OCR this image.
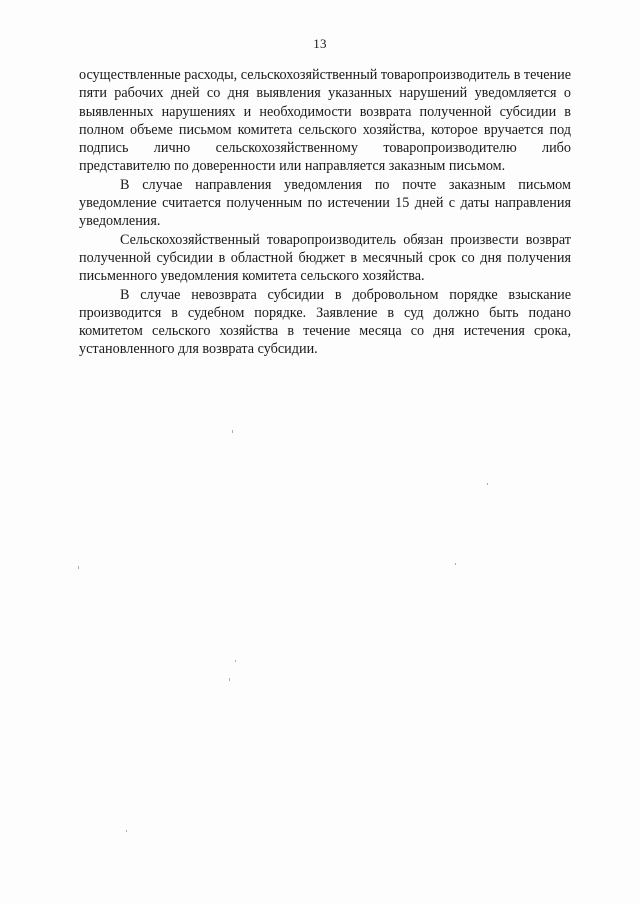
13

осуществленные расходы, сельскохозяйственный товаропроизводитель в течение пяти рабочих дней со дня выявления указанных нарушений уведомляется о выявленных нарушениях и необходимости возврата полученной субсидии в полном объеме письмом комитета сельского хозяйства, которое вручается под подпись лично сельскохозяйственному товаропроизводителю либо представителю по доверенности или направляется заказным письмом.

В случае направления уведомления по почте заказным письмом уведомление считается полученным по истечении 15 дней с даты направления уведомления.

Сельскохозяйственный товаропроизводитель обязан произвести возврат полученной субсидии в областной бюджет в месячный срок со дня получения письменного уведомления комитета сельского хозяйства.

В случае невозврата субсидии в добровольном порядке взыскание производится в судебном порядке. Заявление в суд должно быть подано комитетом сельского хозяйства в течение месяца со дня истечения срока, установленного для возврата субсидии.
